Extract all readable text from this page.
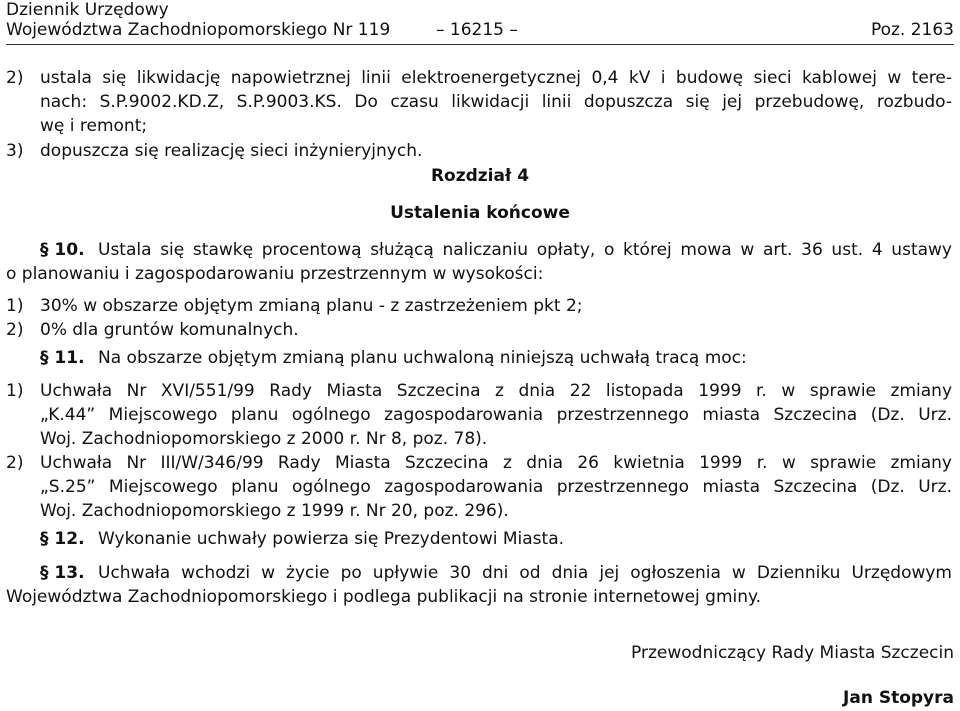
Dziennik Urzędowy
Województwa Zachodniopomorskiego Nr 119	– 16215 –	Poz. 2163
2) ustala się likwidację napowietrznej linii elektroenergetycznej 0,4 kV i budowę sieci kablowej w tere-
nach: S.P.9002.KD.Z, S.P.9003.KS. Do czasu likwidacji linii dopuszcza się jej przebudowę, rozbudo-
wę i remont;
3) dopuszcza się realizację sieci inżynieryjnych.
Rozdział 4
Ustalenia końcowe
§ 10. Ustala się stawkę procentową służącą naliczaniu opłaty, o której mowa w art. 36 ust. 4 ustawy
o planowaniu i zagospodarowaniu przestrzennym w wysokości:
1) 30% w obszarze objętym zmianą planu - z zastrzeżeniem pkt 2;
2) 0% dla gruntów komunalnych.
§ 11. Na obszarze objętym zmianą planu uchwaloną niniejszą uchwałą tracą moc:
1) Uchwała Nr XVI/551/99 Rady Miasta Szczecina z dnia 22 listopada 1999 r. w sprawie zmiany
„K.44” Miejscowego planu ogólnego zagospodarowania przestrzennego miasta Szczecina (Dz. Urz.
Woj. Zachodniopomorskiego z 2000 r. Nr 8, poz. 78).
2) Uchwała Nr III/W/346/99 Rady Miasta Szczecina z dnia 26 kwietnia 1999 r. w sprawie zmiany
„S.25” Miejscowego planu ogólnego zagospodarowania przestrzennego miasta Szczecina (Dz. Urz.
Woj. Zachodniopomorskiego z 1999 r. Nr 20, poz. 296).
§ 12. Wykonanie uchwały powierza się Prezydentowi Miasta.
§ 13. Uchwała wchodzi w życie po upływie 30 dni od dnia jej ogłoszenia w Dzienniku Urzędowym
Województwa Zachodniopomorskiego i podlega publikacji na stronie internetowej gminy.
Przewodniczący Rady Miasta Szczecin
Jan Stopyra
